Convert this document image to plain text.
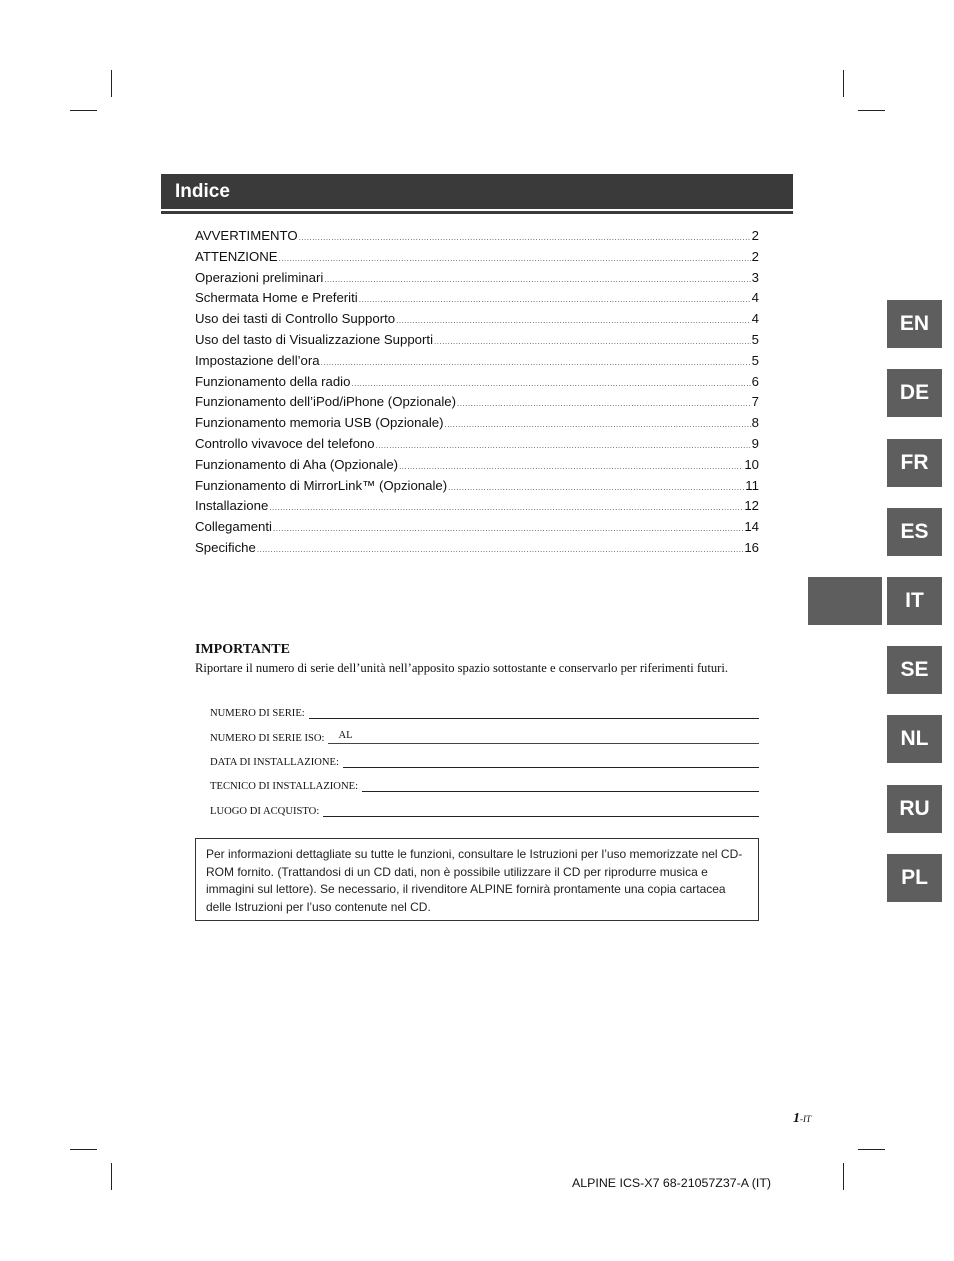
Indice
AVVERTIMENTO .....	2
ATTENZIONE .....	2
Operazioni preliminari .....	3
Schermata Home e Preferiti .....	4
Uso dei tasti di Controllo Supporto .....	4
Uso del tasto di Visualizzazione Supporti .....	5
Impostazione dell’ora .....	5
Funzionamento della radio .....	6
Funzionamento dell’iPod/iPhone (Opzionale) .....	7
Funzionamento memoria USB (Opzionale) .....	8
Controllo vivavoce del telefono .....	9
Funzionamento di Aha (Opzionale) .....	10
Funzionamento di MirrorLink™ (Opzionale) .....	11
Installazione .....	12
Collegamenti .....	14
Specifiche .....	16
IMPORTANTE
Riportare il numero di serie dell’unità nell’apposito spazio sottostante e conservarlo per riferimenti futuri.
NUMERO DI SERIE:
NUMERO DI SERIE ISO:	AL
DATA DI INSTALLAZIONE:
TECNICO DI INSTALLAZIONE:
LUOGO DI ACQUISTO:
Per informazioni dettagliate su tutte le funzioni, consultare le Istruzioni per l’uso memorizzate nel CD-ROM fornito. (Trattandosi di un CD dati, non è possibile utilizzare il CD per riprodurre musica e immagini sul lettore). Se necessario, il rivenditore ALPINE fornirà prontamente una copia cartacea delle Istruzioni per l’uso contenute nel CD.
EN
DE
FR
ES
IT
SE
NL
RU
PL
1-IT
ALPINE ICS-X7 68-21057Z37-A (IT)
